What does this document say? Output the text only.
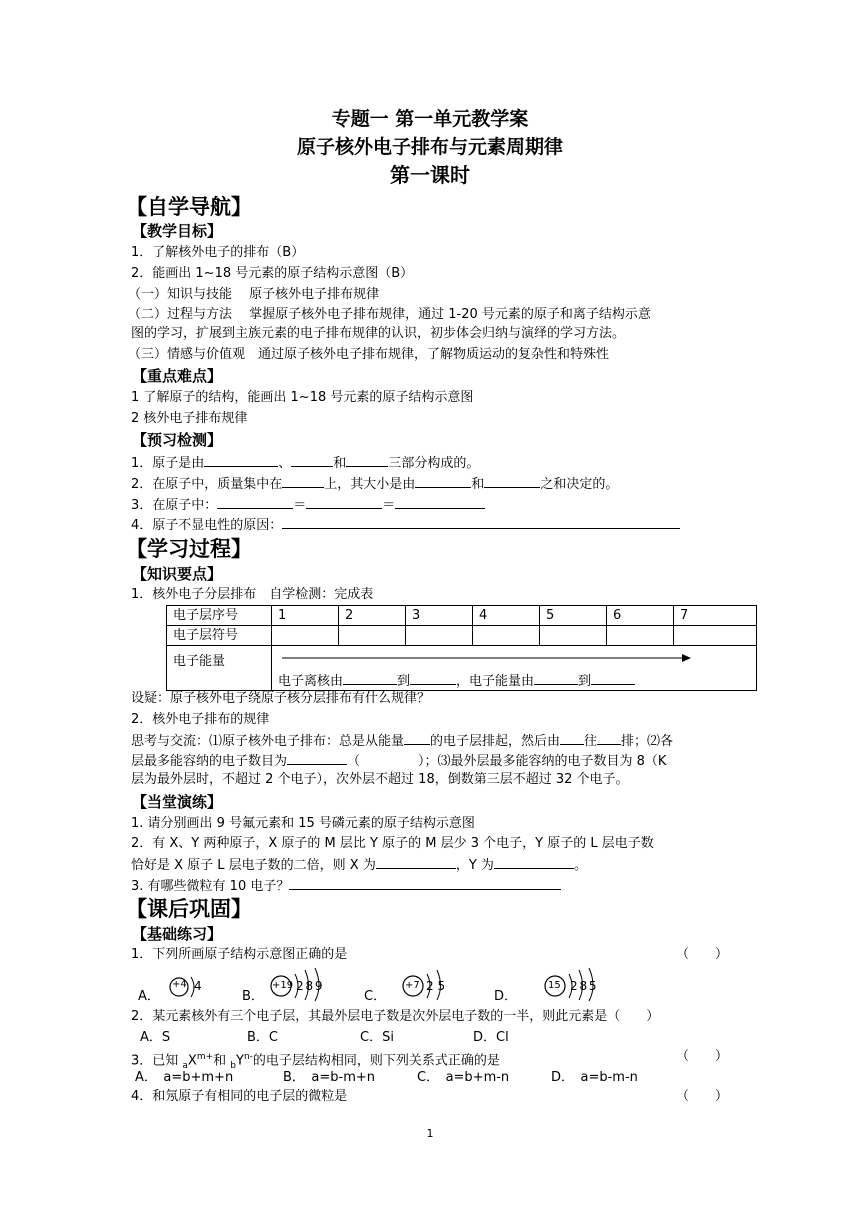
专题一 第一单元教学案
原子核外电子排布与元素周期律
第一课时
【自学导航】
【教学目标】
1．了解核外电子的排布（B）
2．能画出 1~18 号元素的原子结构示意图（B）
（一）知识与技能　 原子核外电子排布规律
（二）过程与方法　 掌握原子核外电子排布规律，通过 1-20 号元素的原子和离子结构示意
图的学习，扩展到主族元素的电子排布规律的认识，初步体会归纳与演绎的学习方法。
（三）情感与价值观　通过原子核外电子排布规律，了解物质运动的复杂性和特殊性
【重点难点】
1 了解原子的结构，能画出 1~18 号元素的原子结构示意图
2 核外电子排布规律
【预习检测】
1．原子是由	、	和	三部分构成的。
2．在原子中，质量集中在	上，其大小是由	和	之和决定的。
3．在原子中：	＝	＝
4．原子不显电性的原因：
【学习过程】
【知识要点】
1．核外电子分层排布　自学检测：完成表
电子层序号	1	2	3	4	5	6	7
电子层符号							
电子能量	电子离核由 到 ，电子能量由 到						
设疑：原子核外电子绕原子核分层排布有什么规律？
2．核外电子排布的规律
思考与交流：⑴原子核外电子排布：总是从能量 的电子层排起，然后由 往 排；⑵各
层最多能容纳的电子数目为	（	）；⑶最外层最多能容纳的电子数目为 8（K
层为最外层时，不超过 2 个电子），次外层不超过 18，倒数第三层不超过 32 个电子。
【当堂演练】
1. 请分别画出 9 号氟元素和 15 号磷元素的原子结构示意图
2．有 X、Y 两种原子，X 原子的 M 层比 Y 原子的 M 层少 3 个电子，Y 原子的 L 层电子数
恰好是 X 原子 L 层电子数的二倍，则 X 为	，Y 为	。
3. 有哪些微粒有 10 电子？
【课后巩固】
【基础练习】
1．下列所画原子结构示意图正确的是	（　　）
A．
+4 4
B．
+19 2 8 9
C．
+7 2 5
D．
15 2 8 5
2．某元素核外有三个电子层，其最外层电子数是次外层电子数的一半，则此元素是（　　）
A．S	B．C	C．Si	D．Cl
3．已知 $_aX^{m+}$和 $_bY^{n-}$的电子层结构相同，则下列关系式正确的是	（　　）
A．　a=b+m+n	B．　a=b-m+n	C．　a=b+m-n	D．　a=b-m-n
4．和氖原子有相同的电子层的微粒是	（　　）
1
